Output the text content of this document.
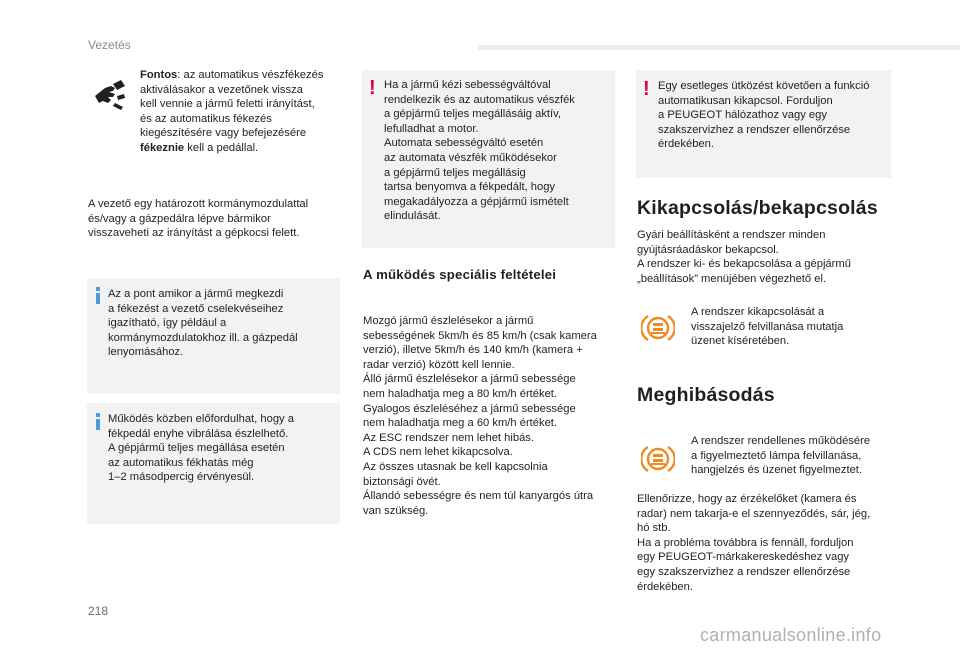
Vezetés

Fontos: az automatikus vészfékezés
aktiválásakor a vezetőnek vissza
kell vennie a jármű feletti irányítást,
és az automatikus fékezés
kiegészítésére vagy befejezésére
fékeznie kell a pedállal.

A vezető egy határozott kormánymozdulattal
és/vagy a gázpedálra lépve bármikor
visszaveheti az irányítást a gépkocsi felett.

Az a pont amikor a jármű megkezdi
a fékezést a vezető cselekvéseihez
igazítható, így például a
kormánymozdulatokhoz ill. a gázpedál
lenyomásához.

Működés közben előfordulhat, hogy a
fékpedál enyhe vibrálása észlelhető.
A gépjármű teljes megállása esetén
az automatikus fékhatás még
1–2 másodpercig érvényesül.

! Ha a jármű kézi sebességváltóval
rendelkezik és az automatikus vészfék
a gépjármű teljes megállásáig aktív,
lefulladhat a motor.
Automata sebességváltó esetén
az automata vészfék működésekor
a gépjármű teljes megállásig
tartsa benyomva a fékpedált, hogy
megakadályozza a gépjármű ismételt
elindulását.

A működés speciális feltételei

Mozgó jármű észlelésekor a jármű
sebességének 5km/h és 85 km/h (csak kamera
verzió), illetve 5km/h és 140 km/h (kamera +
radar verzió) között kell lennie.
Álló jármű észlelésekor a jármű sebessége
nem haladhatja meg a 80 km/h értéket.
Gyalogos észleléséhez a jármű sebessége
nem haladhatja meg a 60 km/h értéket.
Az ESC rendszer nem lehet hibás.
A CDS nem lehet kikapcsolva.
Az összes utasnak be kell kapcsolnia
biztonsági övét.
Állandó sebességre és nem túl kanyargós útra
van szükség.

! Egy esetleges ütközést követően a funkció
automatikusan kikapcsol. Forduljon
a PEUGEOT hálózathoz vagy egy
szakszervizhez a rendszer ellenőrzése
érdekében.

Kikapcsolás/bekapcsolás

Gyári beállításként a rendszer minden
gyújtásráadáskor bekapcsol.
A rendszer ki- és bekapcsolása a gépjármű
„beállítások” menüjében végezhető el.

A rendszer kikapcsolását a
visszajelző felvillanása mutatja
üzenet kíséretében.

Meghibásodás

A rendszer rendellenes működésére
a figyelmeztető lámpa felvillanása,
hangjelzés és üzenet figyelmeztet.

Ellenőrizze, hogy az érzékelőket (kamera és
radar) nem takarja-e el szennyeződés, sár, jég,
hó stb.
Ha a probléma továbbra is fennáll, forduljon
egy PEUGEOT-márkakereskedéshez vagy
egy szakszervizhez a rendszer ellenőrzése
érdekében.

218
carmanualsonline.info
